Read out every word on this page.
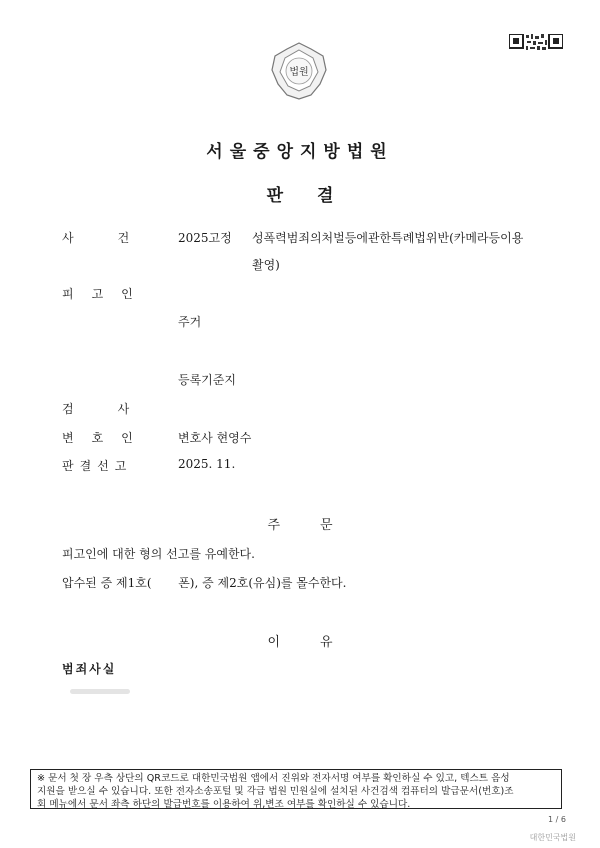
법원
서울중앙지방법원
판결
사건 2025고정 성폭력범죄의처벌등에관한특례법위반(카메라등이용
촬영)
피고인
주거
등록기준지
검사
변호인 변호사 현영수
판결선고	2025. 11.
주문
피고인에 대한 형의 선고를 유예한다.
압수된 증 제1호(       폰), 증 제2호(유심)를 몰수한다.
이유
범죄사실
※ 문서 첫 장 우측 상단의 QR코드로 대한민국법원 앱에서 진위와 전자서명 여부를 확인하실 수 있고, 텍스트 음성
지원을 받으실 수 있습니다. 또한 전자소송포털 및 각급 법원 민원실에 설치된 사건검색 컴퓨터의 발급문서(번호)조
회 메뉴에서 문서 좌측 하단의 발급번호를 이용하여 위,변조 여부를 확인하실 수 있습니다.
1 / 6
대한민국법원
